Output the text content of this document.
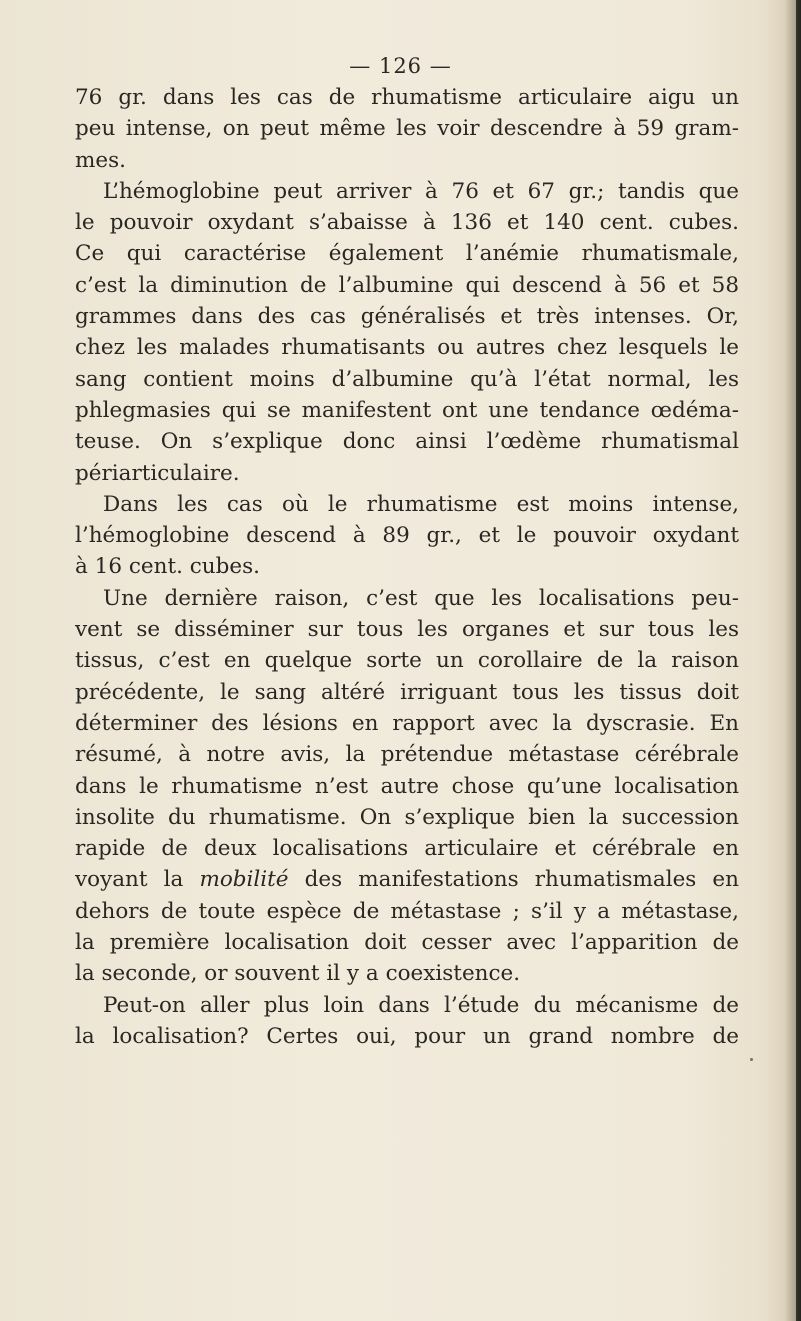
— 126 —
76 gr. dans les cas de rhumatisme articulaire aigu un
peu intense, on peut même les voir descendre à 59 gram-
mes.
L’hémoglobine peut arriver à 76 et 67 gr.; tandis que
le pouvoir oxydant s’abaisse à 136 et 140 cent. cubes.
Ce qui caractérise également l’anémie rhumatismale,
c’est la diminution de l’albumine qui descend à 56 et 58
grammes dans des cas généralisés et très intenses. Or,
chez les malades rhumatisants ou autres chez lesquels le
sang contient moins d’albumine qu’à l’état normal, les
phlegmasies qui se manifestent ont une tendance œdéma-
teuse. On s’explique donc ainsi l’œdème rhumatismal
périarticulaire.
Dans les cas où le rhumatisme est moins intense,
l’hémoglobine descend à 89 gr., et le pouvoir oxydant
à 16 cent. cubes.
Une dernière raison, c’est que les localisations peu-
vent se disséminer sur tous les organes et sur tous les
tissus, c’est en quelque sorte un corollaire de la raison
précédente, le sang altéré irriguant tous les tissus doit
déterminer des lésions en rapport avec la dyscrasie. En
résumé, à notre avis, la prétendue métastase cérébrale
dans le rhumatisme n’est autre chose qu’une localisation
insolite du rhumatisme. On s’explique bien la succession
rapide de deux localisations articulaire et cérébrale en
voyant la mobilité des manifestations rhumatismales en
dehors de toute espèce de métastase ; s’il y a métastase,
la première localisation doit cesser avec l’apparition de
la seconde, or souvent il y a coexistence.
Peut-on aller plus loin dans l’étude du mécanisme de
la localisation? Certes oui, pour un grand nombre de
